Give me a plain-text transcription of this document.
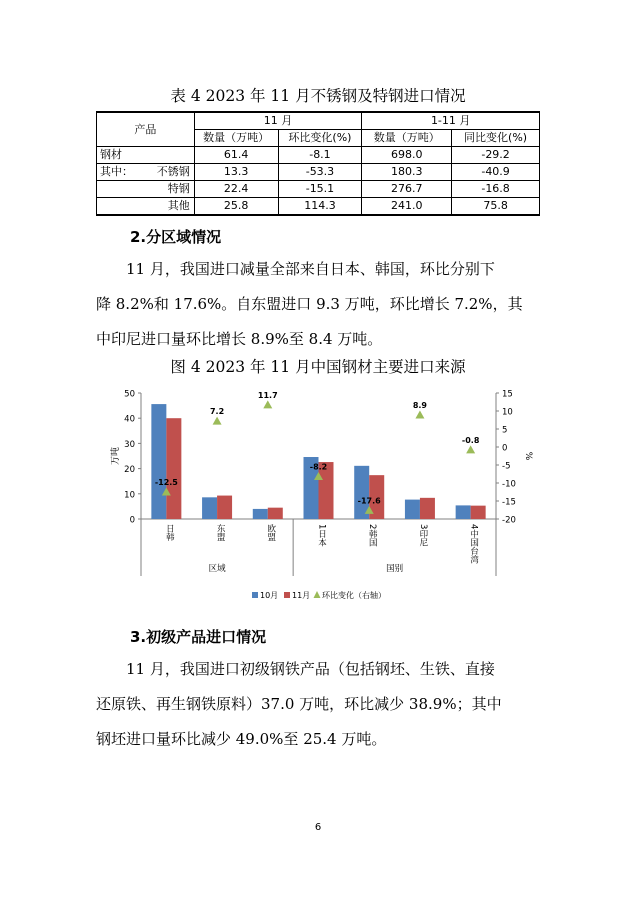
表 4 2023 年 11 月不锈钢及特钢进口情况
产品	11 月		1-11 月	
	数量（万吨）	环比变化(%)	数量（万吨）	同比变化(%)
钢材	61.4	-8.1	698.0	-29.2
其中： 不锈钢	13.3	-53.3	180.3	-40.9
特钢	22.4	-15.1	276.7	-16.8
其他	25.8	114.3	241.0	75.8
2.分区域情况
11 月，我国进口减量全部来自日本、韩国，环比分别下
降 8.2%和 17.6%。自东盟进口 9.3 万吨，环比增长 7.2%，其
中印尼进口量环比增长 8.9%至 8.4 万吨。
图 4 2023 年 11 月中国钢材主要进口来源
0
10
20
30
40
50
-20
-15
-10
-5
0
5
10
15
万吨	%
-12.5
日韩
7.2
东盟
11.7
欧盟
-8.2
1日本
-17.6
2韩国
8.9
3印尼
-0.8
4中国台湾
区域	国别
10月 11月 环比变化（右轴）
3.初级产品进口情况
11 月，我国进口初级钢铁产品（包括钢坯、生铁、直接
还原铁、再生钢铁原料）37.0 万吨，环比减少 38.9%；其中
钢坯进口量环比减少 49.0%至 25.4 万吨。
6
